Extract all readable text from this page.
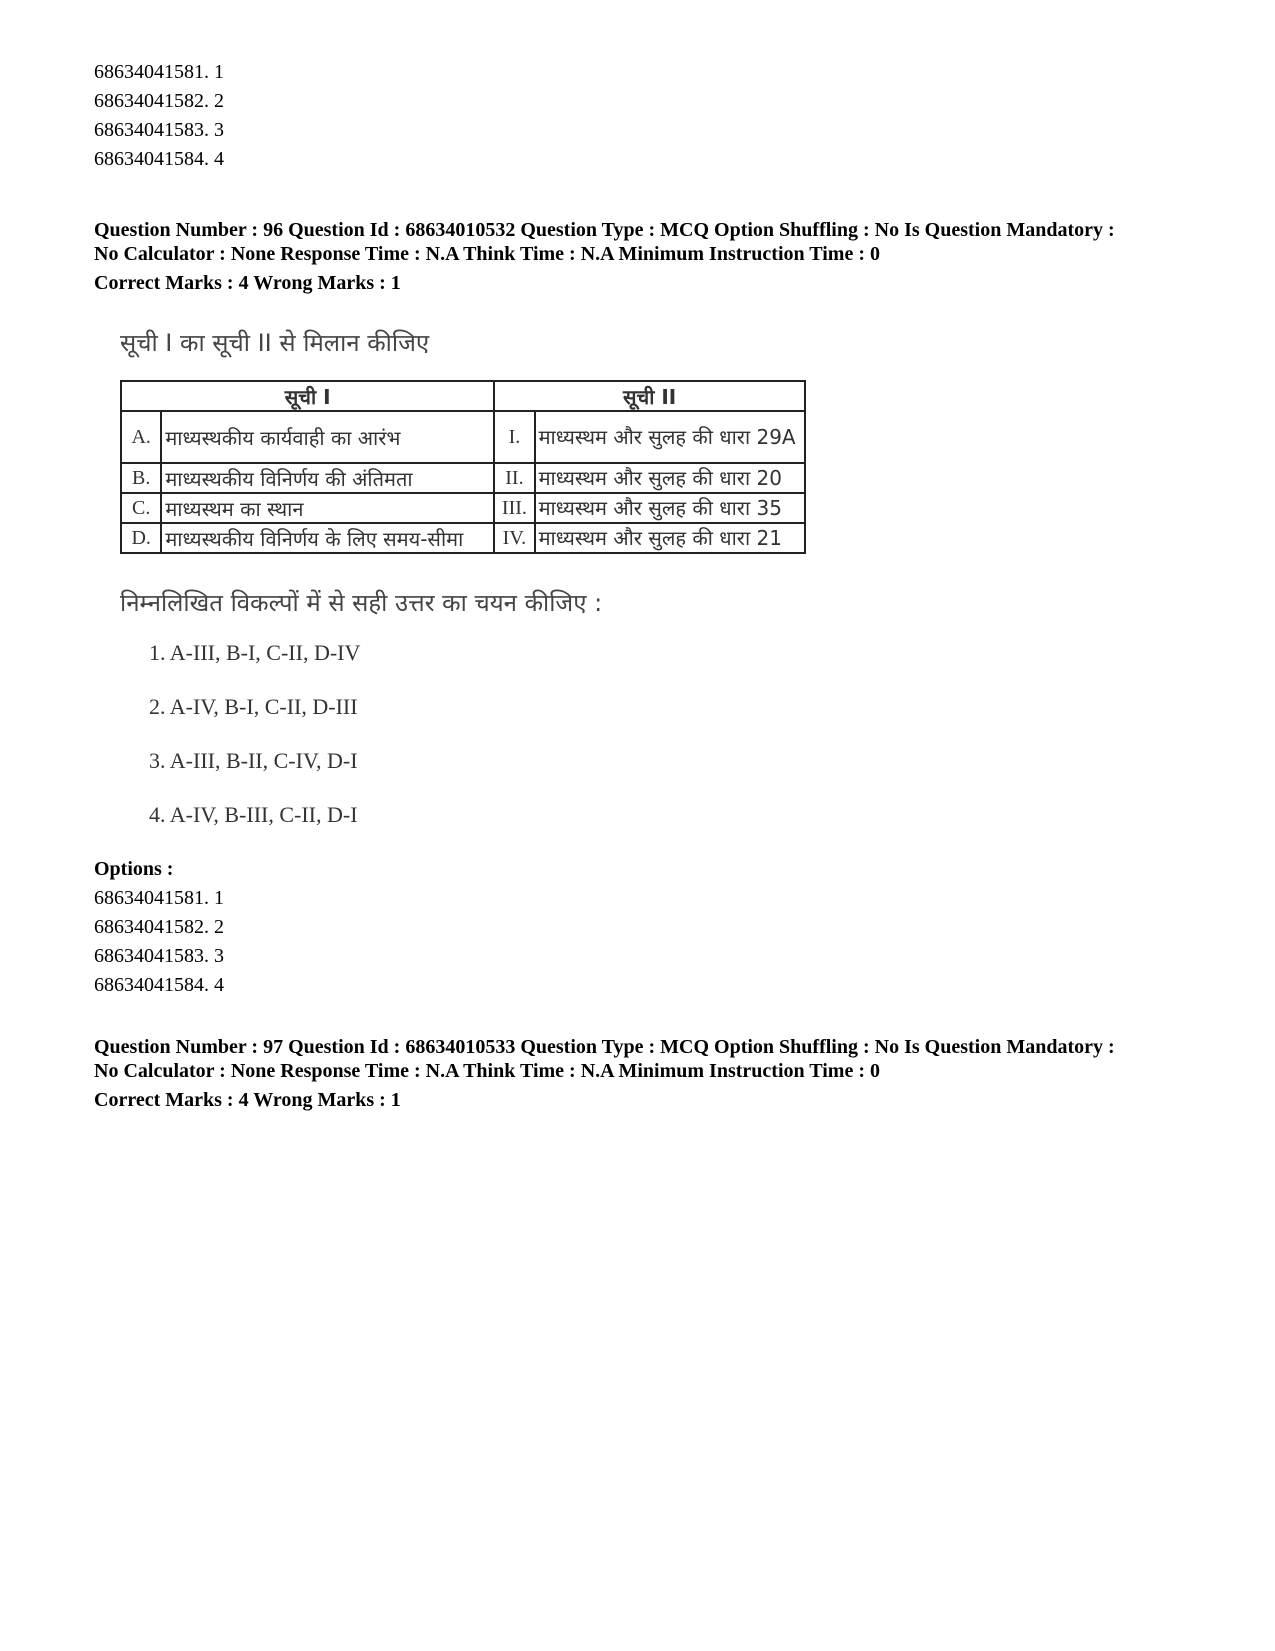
68634041581. 1
68634041582. 2
68634041583. 3
68634041584. 4
Question Number : 96 Question Id : 68634010532 Question Type : MCQ Option Shuffling : No Is Question Mandatory :
No Calculator : None Response Time : N.A Think Time : N.A Minimum Instruction Time : 0
Correct Marks : 4 Wrong Marks : 1
सूची I का सूची II से मिलान कीजिए
सूची I		सूची II	
A.	माध्यस्थकीय कार्यवाही का आरंभ	I.	माध्यस्थम और सुलह की धारा 29A
B.	माध्यस्थकीय विनिर्णय की अंतिमता	II.	माध्यस्थम और सुलह की धारा 20
C.	माध्यस्थम का स्थान	III.	माध्यस्थम और सुलह की धारा 35
D.	माध्यस्थकीय विनिर्णय के लिए समय-सीमा	IV.	माध्यस्थम और सुलह की धारा 21
निम्नलिखित विकल्पों में से सही उत्तर का चयन कीजिए :
1. A-III, B-I, C-II, D-IV
2. A-IV, B-I, C-II, D-III
3. A-III, B-II, C-IV, D-I
4. A-IV, B-III, C-II, D-I
Options :
68634041581. 1
68634041582. 2
68634041583. 3
68634041584. 4
Question Number : 97 Question Id : 68634010533 Question Type : MCQ Option Shuffling : No Is Question Mandatory :
No Calculator : None Response Time : N.A Think Time : N.A Minimum Instruction Time : 0
Correct Marks : 4 Wrong Marks : 1
